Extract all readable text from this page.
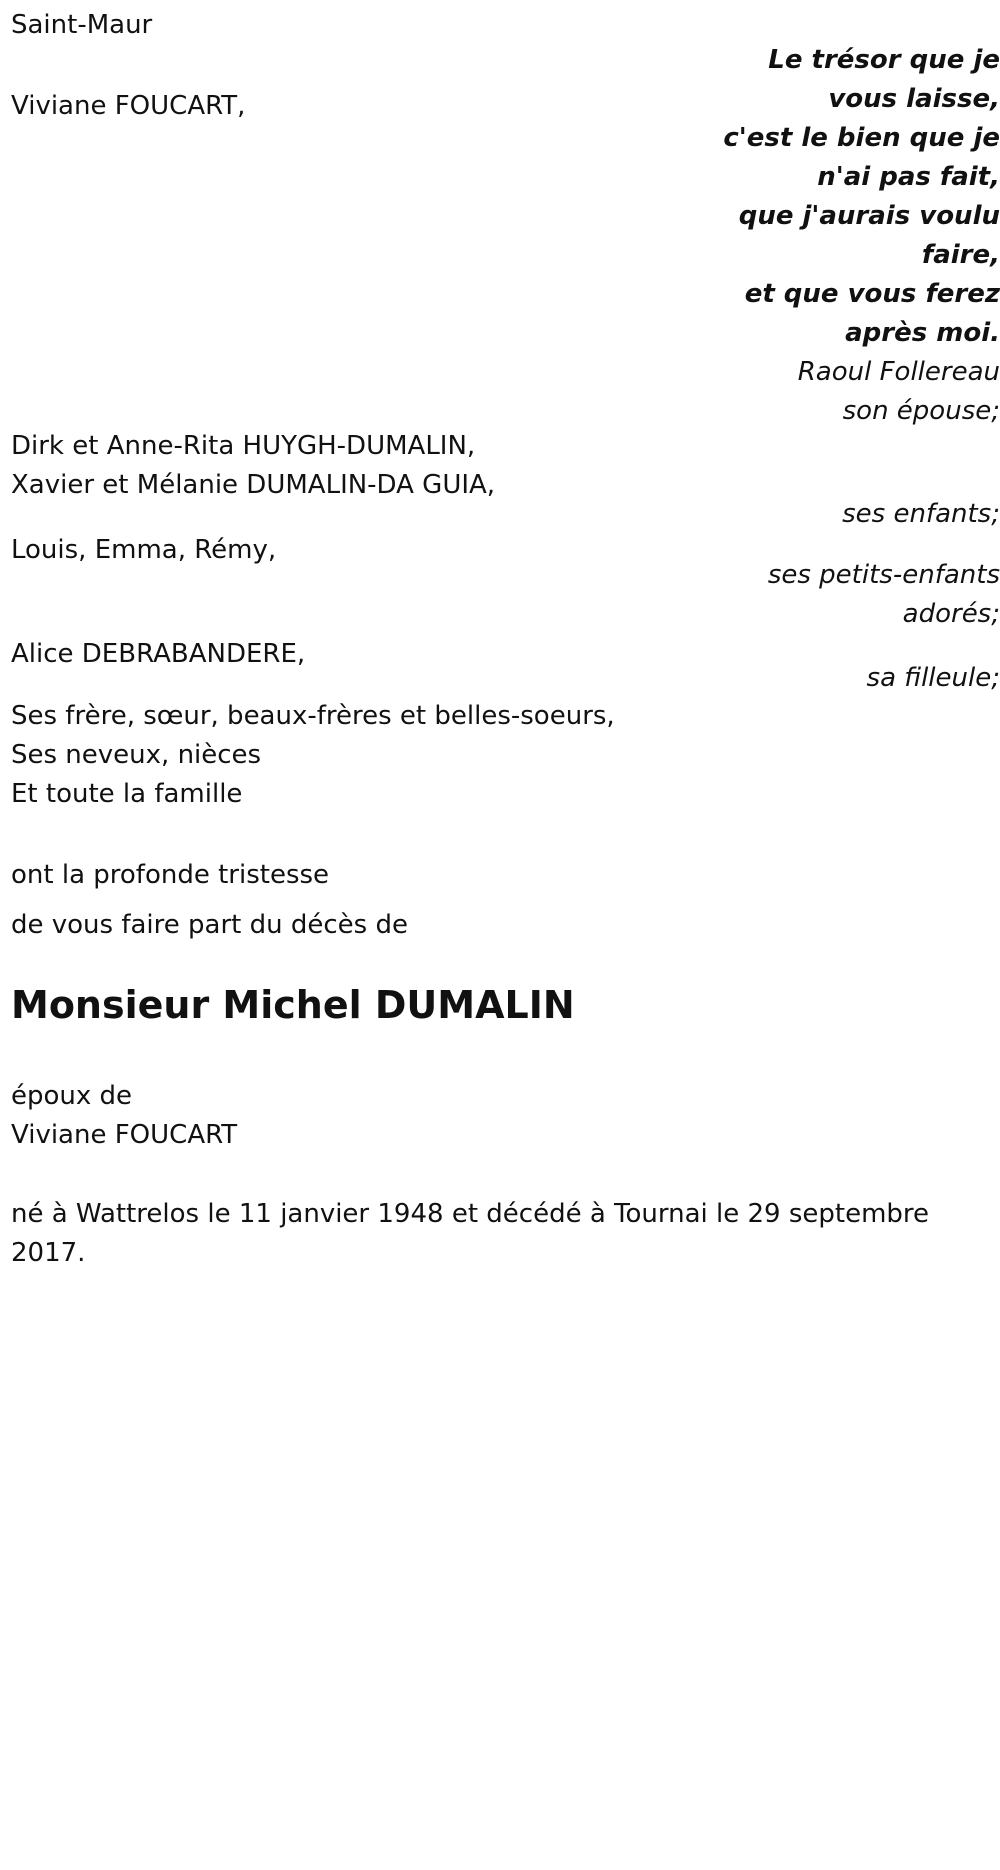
Saint-Maur
Le trésor que je
vous laisse,
c'est le bien que je
n'ai pas fait,
que j'aurais voulu
faire,
et que vous ferez
après moi.
Raoul Follereau
Viviane FOUCART,
son épouse;
Dirk et Anne-Rita HUYGH-DUMALIN,
Xavier et Mélanie DUMALIN-DA GUIA,
ses enfants;
Louis, Emma, Rémy,
ses petits-enfants
adorés;
Alice DEBRABANDERE,
sa filleule;
Ses frère, sœur, beaux-frères et belles-soeurs,
Ses neveux, nièces
Et toute la famille
ont la profonde tristesse
de vous faire part du décès de
Monsieur Michel DUMALIN
époux de
Viviane FOUCART
né à Wattrelos le 11 janvier 1948 et décédé à Tournai le 29 septembre
2017.
